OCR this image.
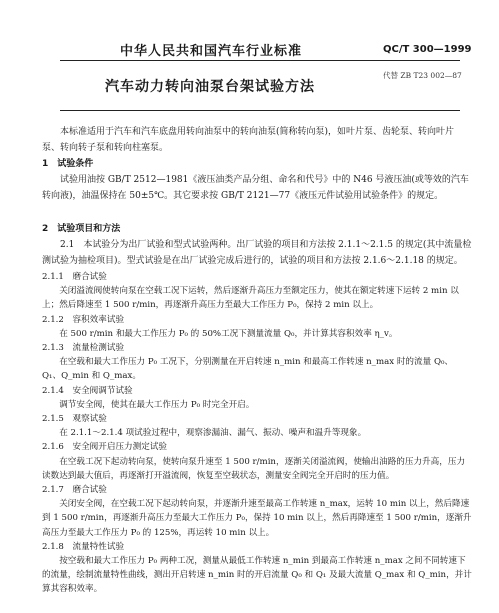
中华人民共和国汽车行业标准	QC/T 300—1999
代替 ZB T23 002—87
汽车动力转向油泵台架试验方法

本标准适用于汽车和汽车底盘用转向油泵中的转向油泵(简称转向泵)，如叶片泵、齿轮泵、转向叶片泵、转向转子泵和转向柱塞泵。

1　试验条件

试验用油按 GB/T 2512—1981《液压油类产品分组、命名和代号》中的 N46 号液压油(或等效的汽车转向液)，油温保持在 50±5℃。其它要求按 GB/T 2121—77《液压元件试验用试验条件》的规定。

2　试验项目和方法

2.1　本试验分为出厂试验和型式试验两种。出厂试验的项目和方法按 2.1.1～2.1.5 的规定(其中流量检测试验为抽检项目)。型式试验是在出厂试验完成后进行的，试验的项目和方法按 2.1.6～2.1.18 的规定。

2.1.1　磨合试验

关闭溢流阀使转向泵在空载工况下运转，然后逐渐升高压力至额定压力，使其在额定转速下运转 2 min 以上；然后降速至 1 500 r/min，再逐渐升高压力至最大工作压力 P₀，保持 2 min 以上。

2.1.2　容积效率试验

在 500 r/min 和最大工作压力 P₀ 的 50%工况下测量流量 Q₀，并计算其容积效率 η_v。

2.1.3　流量检测试验

在空载和最大工作压力 P₀ 工况下，分别测量在开启转速 n_min 和最高工作转速 n_max 时的流量 Q₀、Q₁、Q_min 和 Q_max。

2.1.4　安全阀调节试验

调节安全阀，使其在最大工作压力 P₀ 时完全开启。

2.1.5　观察试验

在 2.1.1～2.1.4 项试验过程中，观察渗漏油、漏气、振动、噪声和温升等现象。

2.1.6　安全阀开启压力测定试验

在空载工况下起动转向泵，使转向泵升速至 1 500 r/min，逐渐关闭溢流阀，使输出油路的压力升高，压力读数达到最大值后，再逐渐打开溢流阀，恢复至空载状态，测量安全阀完全开启时的压力值。

2.1.7　磨合试验

关闭安全阀，在空载工况下起动转向泵，并逐渐升速至最高工作转速 n_max，运转 10 min 以上，然后降速到 1 500 r/min，再逐渐升高压力至最大工作压力 P₀，保持 10 min 以上，然后再降速至 1 500 r/min，逐渐升高压力至最大工作压力 P₀ 的 125%，再运转 10 min 以上。

2.1.8　流量特性试验

按空载和最大工作压力 P₀ 两种工况，测量从最低工作转速 n_min 到最高工作转速 n_max 之间不同转速下的流量，绘制流量特性曲线，测出开启转速 n_min 时的开启流量 Q₀ 和 Q₁ 及最大流量 Q_max 和 Q_min，并计算其容积效率。
